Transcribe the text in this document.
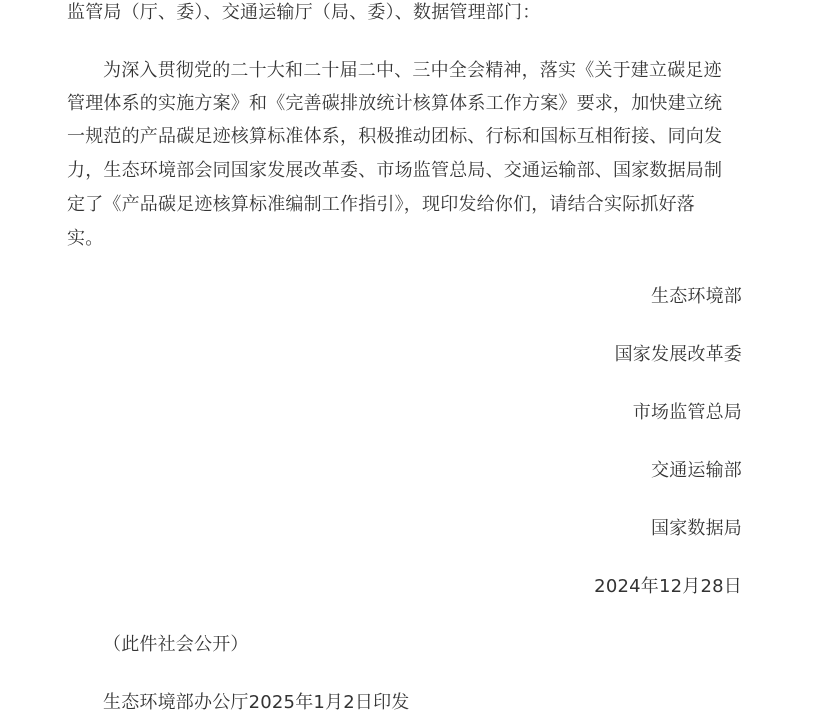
监管局（厅、委）、交通运输厅（局、委）、数据管理部门：
为深入贯彻党的二十大和二十届二中、三中全会精神，落实《关于建立碳足迹
管理体系的实施方案》和《完善碳排放统计核算体系工作方案》要求，加快建立统
一规范的产品碳足迹核算标准体系，积极推动团标、行标和国标互相衔接、同向发
力，生态环境部会同国家发展改革委、市场监管总局、交通运输部、国家数据局制
定了《产品碳足迹核算标准编制工作指引》，现印发给你们，请结合实际抓好落
实。
生态环境部
国家发展改革委
市场监管总局
交通运输部
国家数据局
2024年12月28日
（此件社会公开）
生态环境部办公厅2025年1月2日印发
